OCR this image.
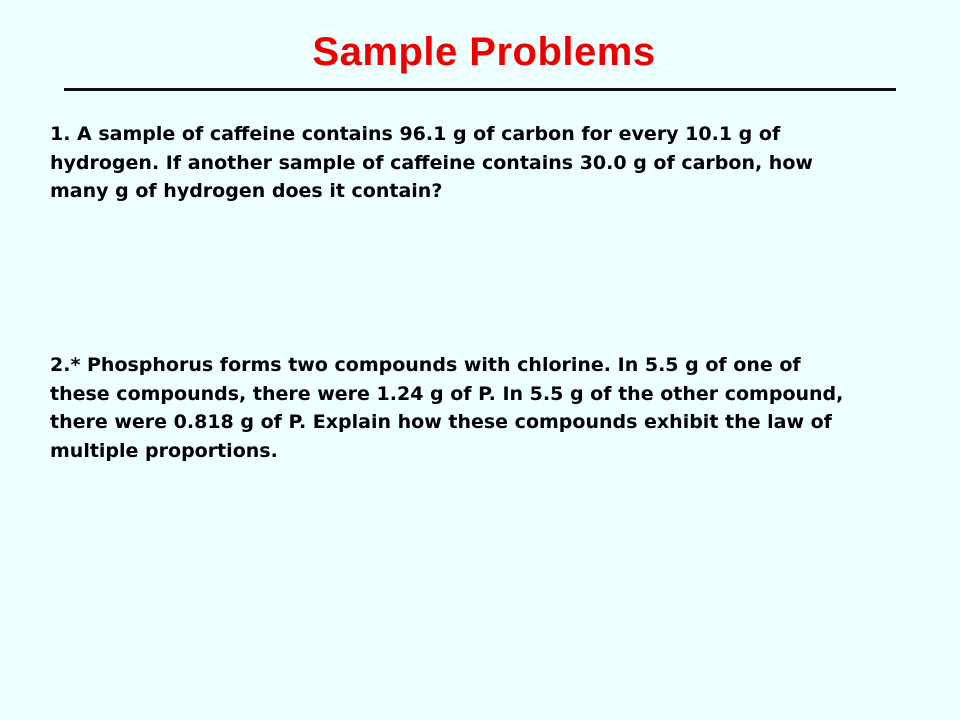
Sample Problems

1. A sample of caffeine contains 96.1 g of carbon for every 10.1 g of
hydrogen. If another sample of caffeine contains 30.0 g of carbon, how
many g of hydrogen does it contain?

2.* Phosphorus forms two compounds with chlorine. In 5.5 g of one of
these compounds, there were 1.24 g of P. In 5.5 g of the other compound,
there were 0.818 g of P. Explain how these compounds exhibit the law of
multiple proportions.
